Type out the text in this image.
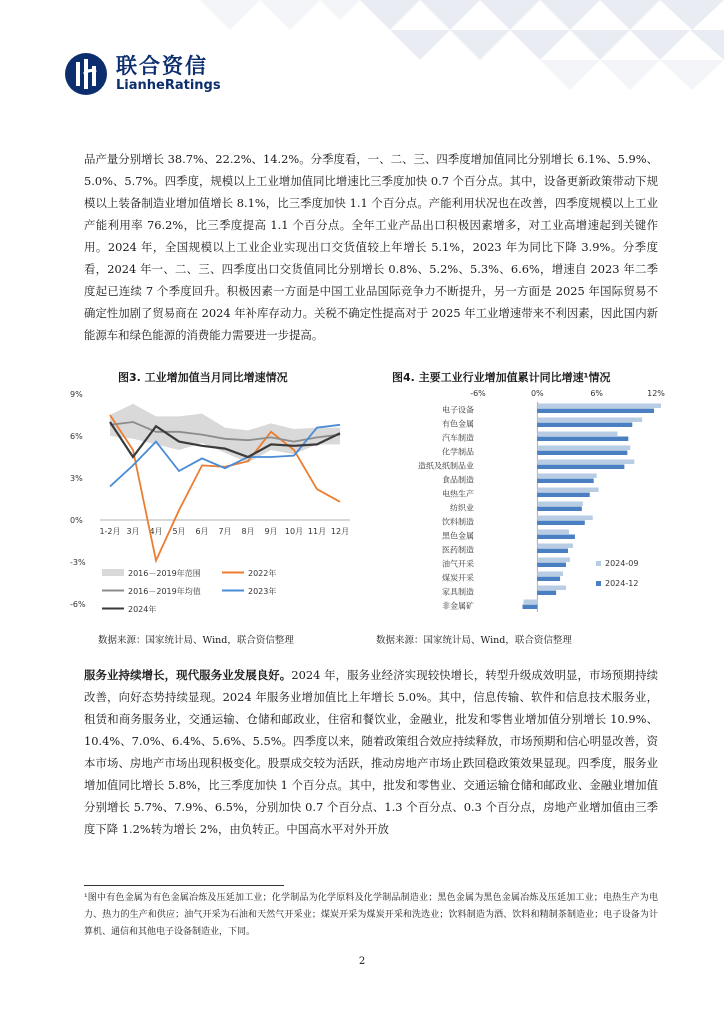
联合资信
LianheRatings

品产量分别增长 38.7%、22.2%、14.2%。分季度看，一、二、三、四季度增加值同比分别增长 6.1%、5.9%、5.0%、5.7%。四季度，规模以上工业增加值同比增速比三季度加快 0.7 个百分点。其中，设备更新政策带动下规模以上装备制造业增加值增长 8.1%，比三季度加快 1.1 个百分点。产能利用状况也在改善，四季度规模以上工业产能利用率 76.2%，比三季度提高 1.1 个百分点。全年工业产品出口积极因素增多，对工业高增速起到关键作用。2024 年，全国规模以上工业企业实现出口交货值较上年增长 5.1%，2023 年为同比下降 3.9%。分季度看，2024 年一、二、三、四季度出口交货值同比分别增长 0.8%、5.2%、5.3%、6.6%，增速自 2023 年二季度起已连续 7 个季度回升。积极因素一方面是中国工业品国际竞争力不断提升，另一方面是 2025 年国际贸易不确定性加剧了贸易商在 2024 年补库存动力。关税不确定性提高对于 2025 年工业增速带来不利因素，因此国内新能源车和绿色能源的消费能力需要进一步提高。

图3. 工业增加值当月同比增速情况	图4. 主要工业行业增加值累计同比增速¹情况
9%
6%
3%
0%
-3%
-6%
1-2月 3月 4月 5月 6月 7月 8月 9月 10月 11月 12月
2016－2019年范围	2022年
2016－2019年均值	2023年
2024年
-6%	0%	6%	12%
电子设备
有色金属
汽车制造
化学制品
造纸及纸制品业
食品制造
电热生产
纺织业
饮料制造
黑色金属
医药制造
油气开采
煤炭开采
家具制造
非金属矿
2024-09
2024-12
数据来源：国家统计局、Wind，联合资信整理	数据来源：国家统计局、Wind，联合资信整理

服务业持续增长，现代服务业发展良好。2024 年，服务业经济实现较快增长，转型升级成效明显，市场预期持续改善，向好态势持续显现。2024 年服务业增加值比上年增长 5.0%。其中，信息传输、软件和信息技术服务业，租赁和商务服务业，交通运输、仓储和邮政业，住宿和餐饮业，金融业，批发和零售业增加值分别增长 10.9%、10.4%、7.0%、6.4%、5.6%、5.5%。四季度以来，随着政策组合效应持续释放，市场预期和信心明显改善，资本市场、房地产市场出现积极变化。股票成交较为活跃，推动房地产市场止跌回稳政策效果显现。四季度，服务业增加值同比增长 5.8%，比三季度加快 1 个百分点。其中，批发和零售业、交通运输仓储和邮政业、金融业增加值分别增长 5.7%、7.9%、6.5%，分别加快 0.7 个百分点、1.3 个百分点、0.3 个百分点，房地产业增加值由三季度下降 1.2%转为增长 2%，由负转正。中国高水平对外开放

¹图中有色金属为有色金属冶炼及压延加工业；化学制品为化学原料及化学制品制造业；黑色金属为黑色金属冶炼及压延加工业；电热生产为电力、热力的生产和供应；油气开采为石油和天然气开采业；煤炭开采为煤炭开采和洗选业；饮料制造为酒、饮料和精制茶制造业；电子设备为计算机、通信和其他电子设备制造业，下同。
2
